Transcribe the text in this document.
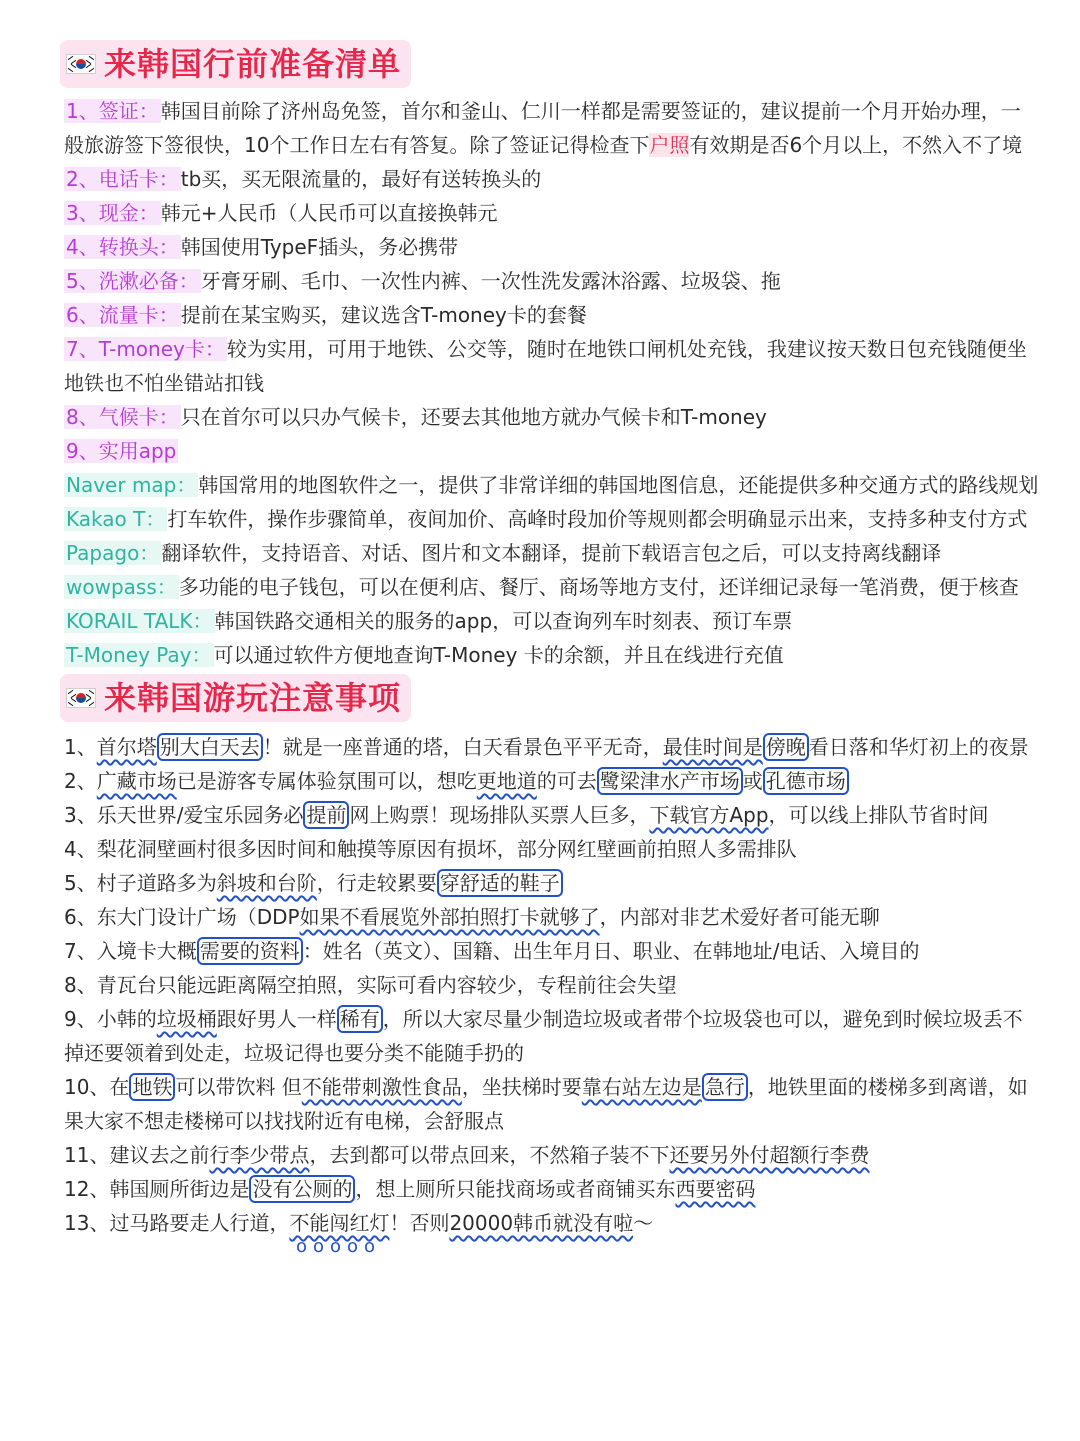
来韩国行前准备清单
1、签证： 韩国目前除了济州岛免签，首尔和釜山、仁川一样都是需要签证的，建议提前一个月开始办理，一般旅游签下签很快，10个工作日左右有答复。除了签证记得检查下户照有效期是否6个月以上，不然入不了境
2、电话卡： tb买，买无限流量的，最好有送转换头的
3、现金： 韩元+人民币（人民币可以直接换韩元
4、转换头： 韩国使用TypeF插头，务必携带
5、洗漱必备： 牙膏牙刷、毛巾、一次性内裤、一次性洗发露沐浴露、垃圾袋、拖
6、流量卡： 提前在某宝购买，建议选含T-money卡的套餐
7、T-money卡： 较为实用，可用于地铁、公交等，随时在地铁口闸机处充钱，我建议按天数日包充钱随便坐地铁也不怕坐错站扣钱
8、气候卡： 只在首尔可以只办气候卡，还要去其他地方就办气候卡和T-money
9、实用app
Naver map： 韩国常用的地图软件之一，提供了非常详细的韩国地图信息，还能提供多种交通方式的路线规划
Kakao T： 打车软件，操作步骤简单，夜间加价、高峰时段加价等规则都会明确显示出来，支持多种支付方式
Papago： 翻译软件，支持语音、对话、图片和文本翻译，提前下载语言包之后，可以支持离线翻译
wowpass： 多功能的电子钱包，可以在便利店、餐厅、商场等地方支付，还详细记录每一笔消费，便于核查
KORAIL TALK： 韩国铁路交通相关的服务的app，可以查询列车时刻表、预订车票
T-Money Pay： 可以通过软件方便地查询T-Money 卡的余额，并且在线进行充值
来韩国游玩注意事项
1、首尔塔 别大白天去 ！就是一座普通的塔，白天看景色平平无奇，最佳时间是 傍晚 看日落和华灯初上的夜景
2、广藏市场已是游客专属体验氛围可以，想吃更地道的可去 鹭梁津水产市场 或 孔德市场
3、乐天世界/爱宝乐园务必 提前 网上购票！现场排队买票人巨多，下载官方App，可以线上排队节省时间
4、梨花洞壁画村很多因时间和触摸等原因有损坏，部分网红壁画前拍照人多需排队
5、村子道路多为斜坡和台阶，行走较累要 穿舒适的鞋子
6、东大门设计广场（DDP如果不看展览外部拍照打卡就够了，内部对非艺术爱好者可能无聊
7、入境卡大概 需要的资料 ：姓名（英文）、国籍、出生年月日、职业、在韩地址/电话、入境目的
8、青瓦台只能远距离隔空拍照，实际可看内容较少，专程前往会失望
9、小韩的垃圾桶跟好男人一样 稀有 ，所以大家尽量少制造垃圾或者带个垃圾袋也可以，避免到时候垃圾丢不掉还要领着到处走，垃圾记得也要分类不能随手扔的
10、在 地铁 可以带饮料 但不能带刺激性食品，坐扶梯时要靠右站左边是 急行 ，地铁里面的楼梯多到离谱，如果大家不想走楼梯可以找找附近有电梯，会舒服点
11、建议去之前行李少带点，去到都可以带点回来，不然箱子装不下还要另外付超额行李费
12、韩国厕所街边是 没有公厕的 ，想上厕所只能找商场或者商铺买东西要密码
13、过马路要走人行道，不能闯红灯！否则20000韩币就没有啦～
ooooo
